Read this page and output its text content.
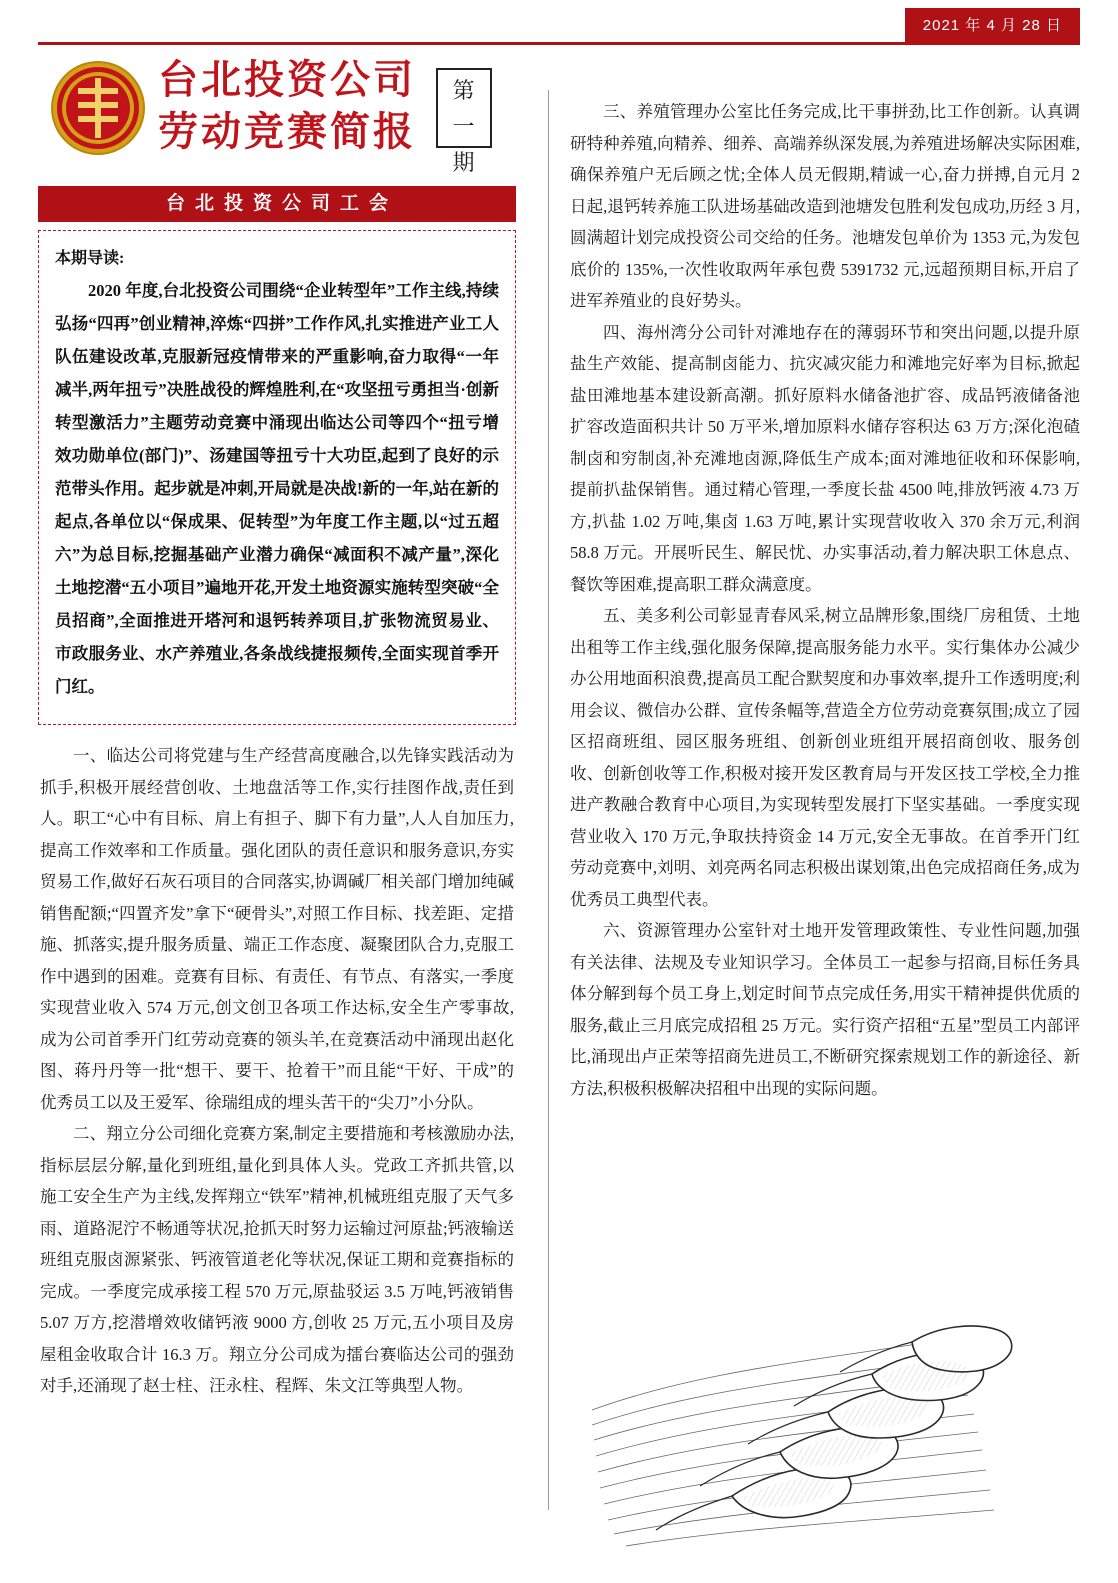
2021 年 4 月 28 日
台北投资公司
劳动竞赛简报
第
一
期
台北投资公司工会
本期导读:
2020 年度,台北投资公司围绕“企业转型年”工作主线,持续弘扬“四再”创业精神,淬炼“四拼”工作作风,扎实推进产业工人队伍建设改革,克服新冠疫情带来的严重影响,奋力取得“一年减半,两年扭亏”决胜战役的辉煌胜利,在“攻坚扭亏勇担当·创新转型激活力”主题劳动竞赛中涌现出临达公司等四个“扭亏增效功勋单位(部门)”、汤建国等扭亏十大功臣,起到了良好的示范带头作用。起步就是冲刺,开局就是决战!新的一年,站在新的起点,各单位以“保成果、促转型”为年度工作主题,以“过五超六”为总目标,挖掘基础产业潜力确保“减面积不减产量”,深化土地挖潜“五小项目”遍地开花,开发土地资源实施转型突破“全员招商”,全面推进开塔河和退钙转养项目,扩张物流贸易业、市政服务业、水产养殖业,各条战线捷报频传,全面实现首季开门红。

一、临达公司将党建与生产经营高度融合,以先锋实践活动为抓手,积极开展经营创收、土地盘活等工作,实行挂图作战,责任到人。职工“心中有目标、肩上有担子、脚下有力量”,人人自加压力,提高工作效率和工作质量。强化团队的责任意识和服务意识,夯实贸易工作,做好石灰石项目的合同落实,协调碱厂相关部门增加纯碱销售配额;“四置齐发”拿下“硬骨头”,对照工作目标、找差距、定措施、抓落实,提升服务质量、端正工作态度、凝聚团队合力,克服工作中遇到的困难。竞赛有目标、有责任、有节点、有落实,一季度实现营业收入 574 万元,创文创卫各项工作达标,安全生产零事故,成为公司首季开门红劳动竞赛的领头羊,在竞赛活动中涌现出赵化图、蒋丹丹等一批“想干、要干、抢着干”而且能“干好、干成”的优秀员工以及王爱军、徐瑞组成的埋头苦干的“尖刀”小分队。

二、翔立分公司细化竞赛方案,制定主要措施和考核激励办法,指标层层分解,量化到班组,量化到具体人头。党政工齐抓共管,以施工安全生产为主线,发挥翔立“铁军”精神,机械班组克服了天气多雨、道路泥泞不畅通等状况,抢抓天时努力运输过河原盐;钙液输送班组克服卤源紧张、钙液管道老化等状况,保证工期和竞赛指标的完成。一季度完成承接工程 570 万元,原盐驳运 3.5 万吨,钙液销售 5.07 万方,挖潜增效收储钙液 9000 方,创收 25 万元,五小项目及房屋租金收取合计 16.3 万。翔立分公司成为擂台赛临达公司的强劲对手,还涌现了赵士柱、汪永柱、程辉、朱文江等典型人物。

三、养殖管理办公室比任务完成,比干事拼劲,比工作创新。认真调研特种养殖,向精养、细养、高端养纵深发展,为养殖进场解决实际困难,确保养殖户无后顾之忧;全体人员无假期,精诚一心,奋力拼搏,自元月 2 日起,退钙转养施工队进场基础改造到池塘发包胜利发包成功,历经 3 月,圆满超计划完成投资公司交给的任务。池塘发包单价为 1353 元,为发包底价的 135%,一次性收取两年承包费 5391732 元,远超预期目标,开启了进军养殖业的良好势头。

四、海州湾分公司针对滩地存在的薄弱环节和突出问题,以提升原盐生产效能、提高制卤能力、抗灾减灾能力和滩地完好率为目标,掀起盐田滩地基本建设新高潮。抓好原料水储备池扩容、成品钙液储备池扩容改造面积共计 50 万平米,增加原料水储存容积达 63 万方;深化泡碴制卤和穷制卤,补充滩地卤源,降低生产成本;面对滩地征收和环保影响,提前扒盐保销售。通过精心管理,一季度长盐 4500 吨,排放钙液 4.73 万方,扒盐 1.02 万吨,集卤 1.63 万吨,累计实现营收收入 370 余万元,利润 58.8 万元。开展听民生、解民忧、办实事活动,着力解决职工休息点、餐饮等困难,提高职工群众满意度。

五、美多利公司彰显青春风采,树立品牌形象,围绕厂房租赁、土地出租等工作主线,强化服务保障,提高服务能力水平。实行集体办公减少办公用地面积浪费,提高员工配合默契度和办事效率,提升工作透明度;利用会议、微信办公群、宣传条幅等,营造全方位劳动竞赛氛围;成立了园区招商班组、园区服务班组、创新创业班组开展招商创收、服务创收、创新创收等工作,积极对接开发区教育局与开发区技工学校,全力推进产教融合教育中心项目,为实现转型发展打下坚实基础。一季度实现营业收入 170 万元,争取扶持资金 14 万元,安全无事故。在首季开门红劳动竞赛中,刘明、刘亮两名同志积极出谋划策,出色完成招商任务,成为优秀员工典型代表。

六、资源管理办公室针对土地开发管理政策性、专业性问题,加强有关法律、法规及专业知识学习。全体员工一起参与招商,目标任务具体分解到每个员工身上,划定时间节点完成任务,用实干精神提供优质的服务,截止三月底完成招租 25 万元。实行资产招租“五星”型员工内部评比,涌现出卢正荣等招商先进员工,不断研究探索规划工作的新途径、新方法,积极积极解决招租中出现的实际问题。
